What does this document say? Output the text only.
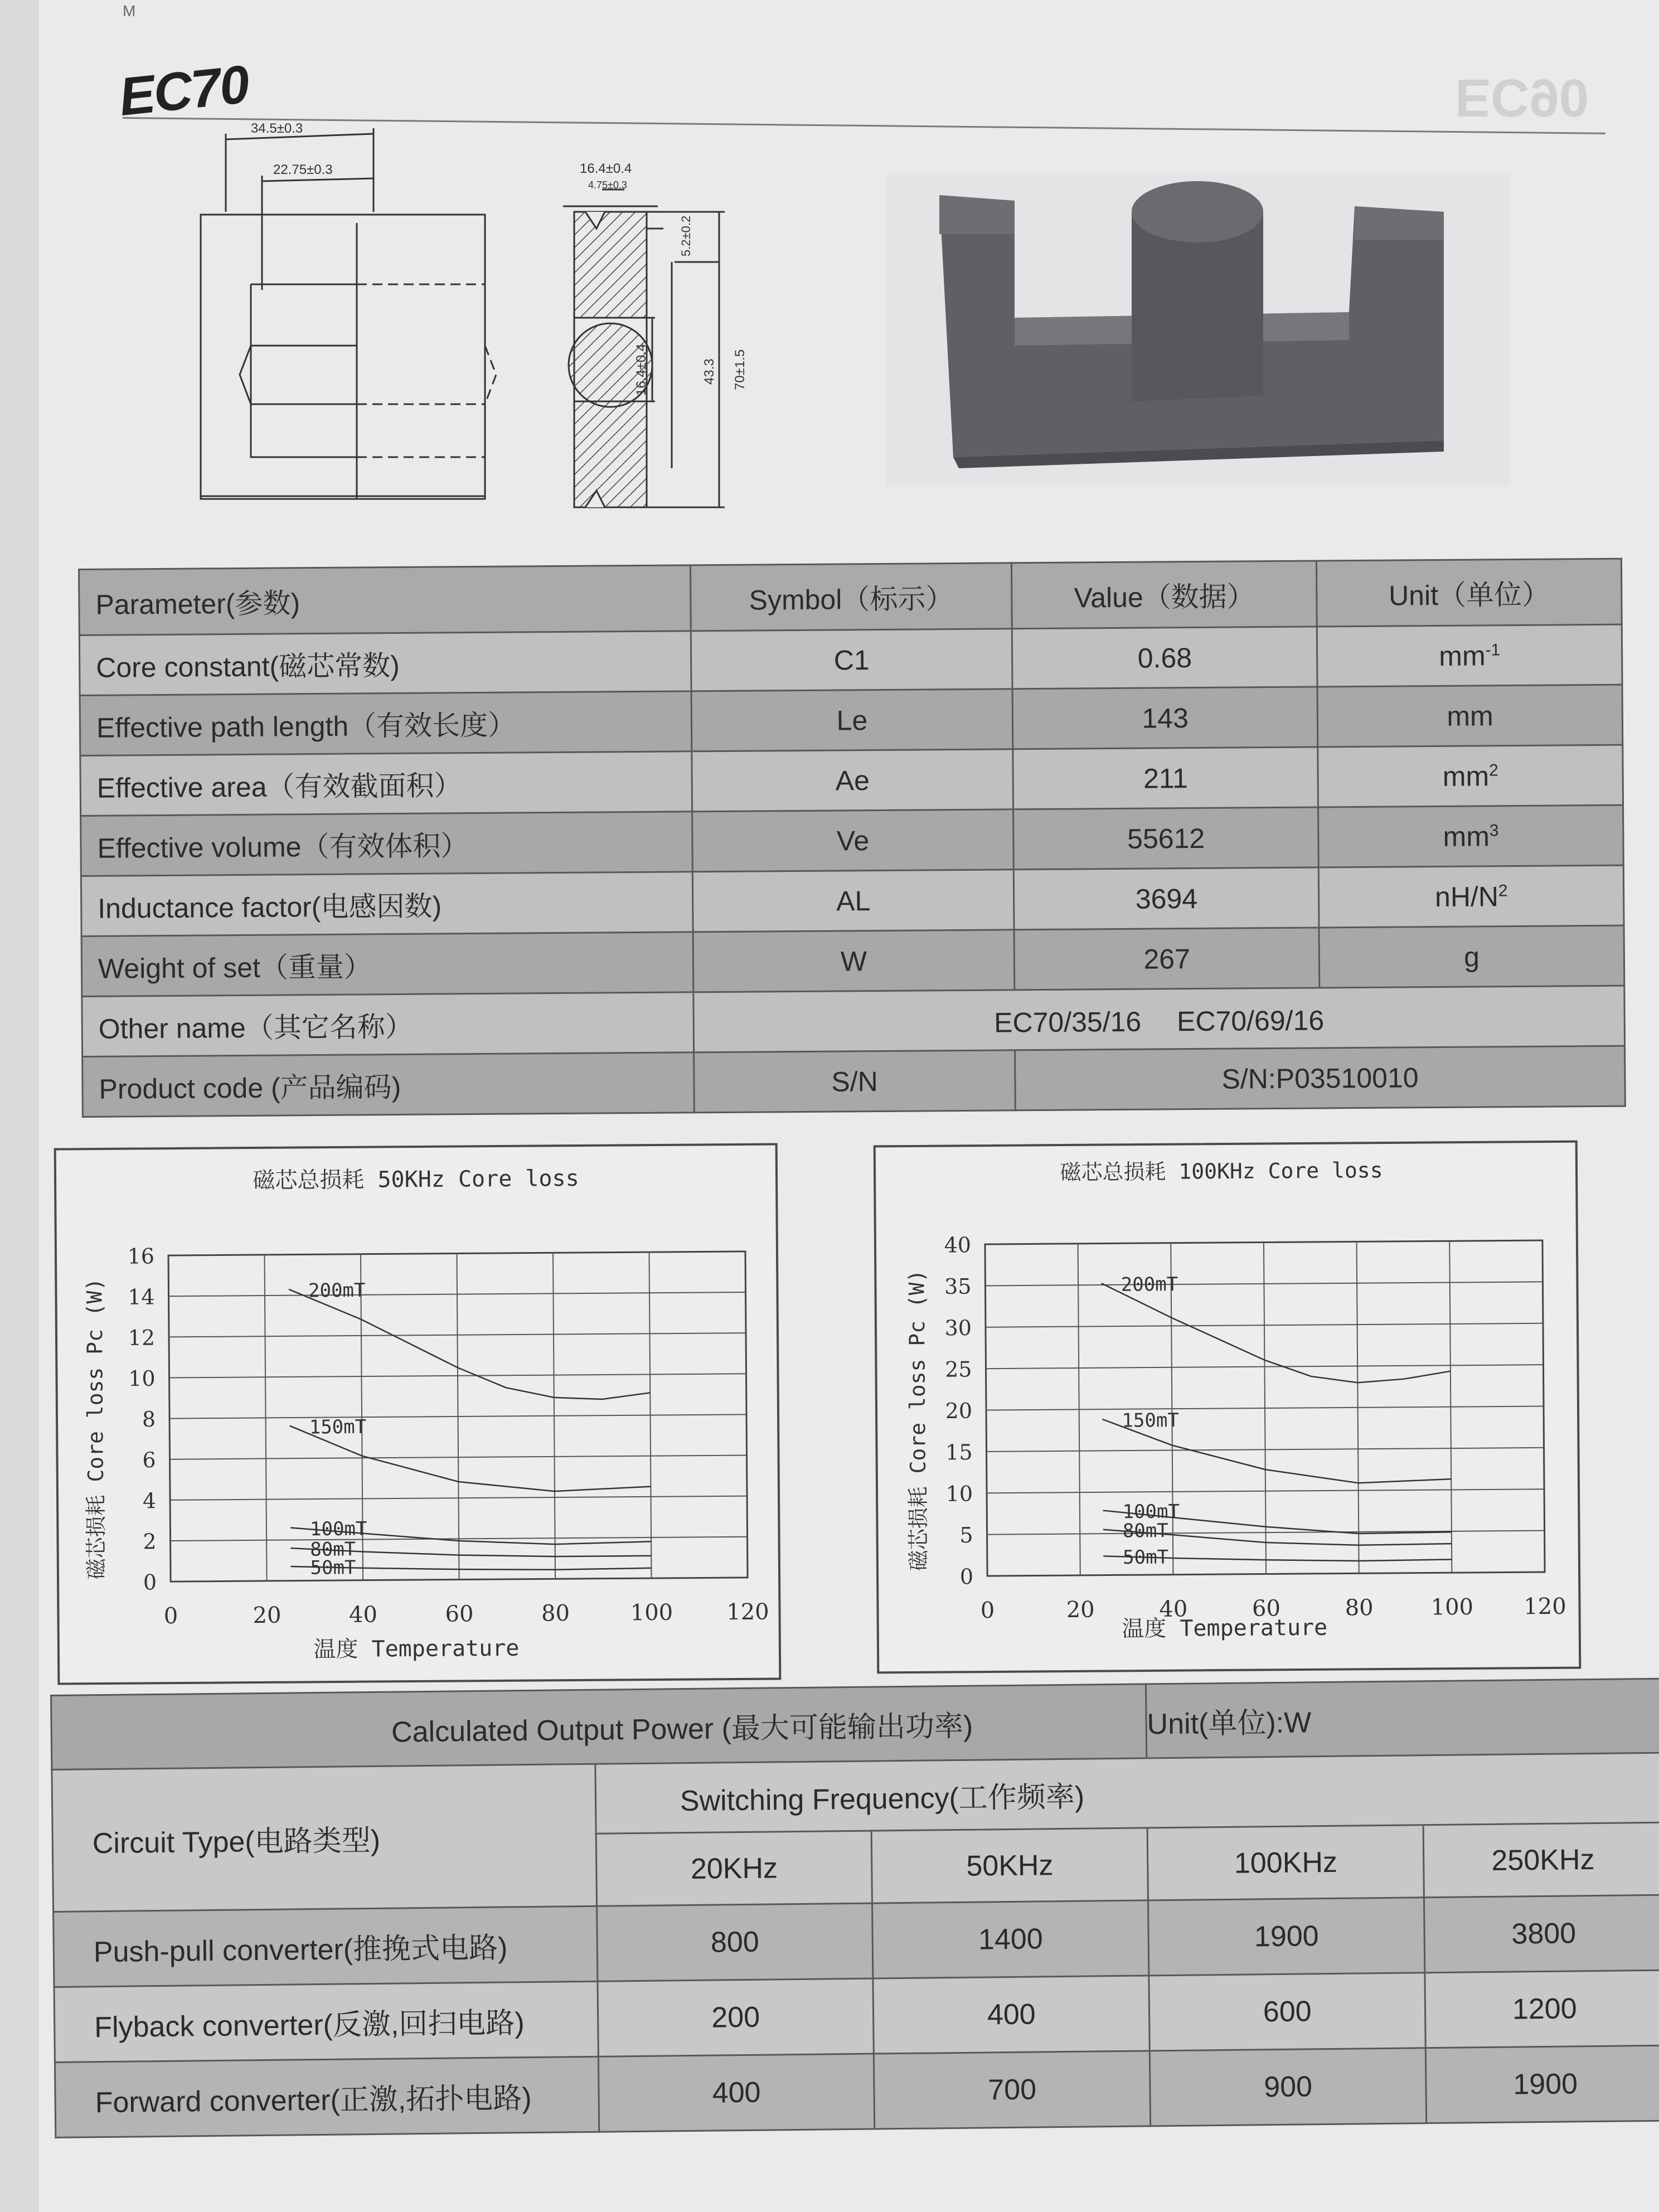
M
EC90
EC70
34.5±0.3
22.75±0.3	16.4±0.4
4.75±0.3
5.2±0.2
16.4±0.4	43.3 70±1.5
Parameter(参数)	Symbol（标示）	Value（数据）	Unit（单位）
Core constant(磁芯常数)	C1	0.68	$mm^{-1}$
Effective path length（有效长度）	Le	143	mm
Effective area（有效截面积）	Ae	211	$mm^2$
Effective volume（有效体积）	Ve	55612	$mm^3$
Inductance factor(电感因数)	AL	3694	$nH/N^2$
Weight of set（重量）	W	267	g
Other name（其它名称）	EC70/35/16　 EC70/69/16		
Product code (产品编码)	S/N	S/N:P03510010	
磁芯总损耗 50KHz Core loss
温度 Temperature
磁芯损耗 Core loss Pc (W)
0	20	40	60	80	100 120
0
2
4
6
8
10
12
14
16
200mT
150mT
100mT
80mT
50mT
磁芯总损耗 100KHz Core loss
温度 Temperature
磁芯损耗 Core loss Pc (W)
0	20	40	60	80	100 120
0
5
10
15
20
25
30
35
40
200mT
150mT
100mT
80mT
50mT
Calculated Output Power (最大可能输出功率)			Unit(单位):W	
Circuit Type(电路类型)	Switching Frequency(工作频率)			
	20KHz	50KHz	100KHz	250KHz
Push-pull converter(推挽式电路)	800	1400	1900	3800
Flyback converter(反激,回扫电路)	200	400	600	1200
Forward converter(正激,拓扑电路)	400	700	900	1900
